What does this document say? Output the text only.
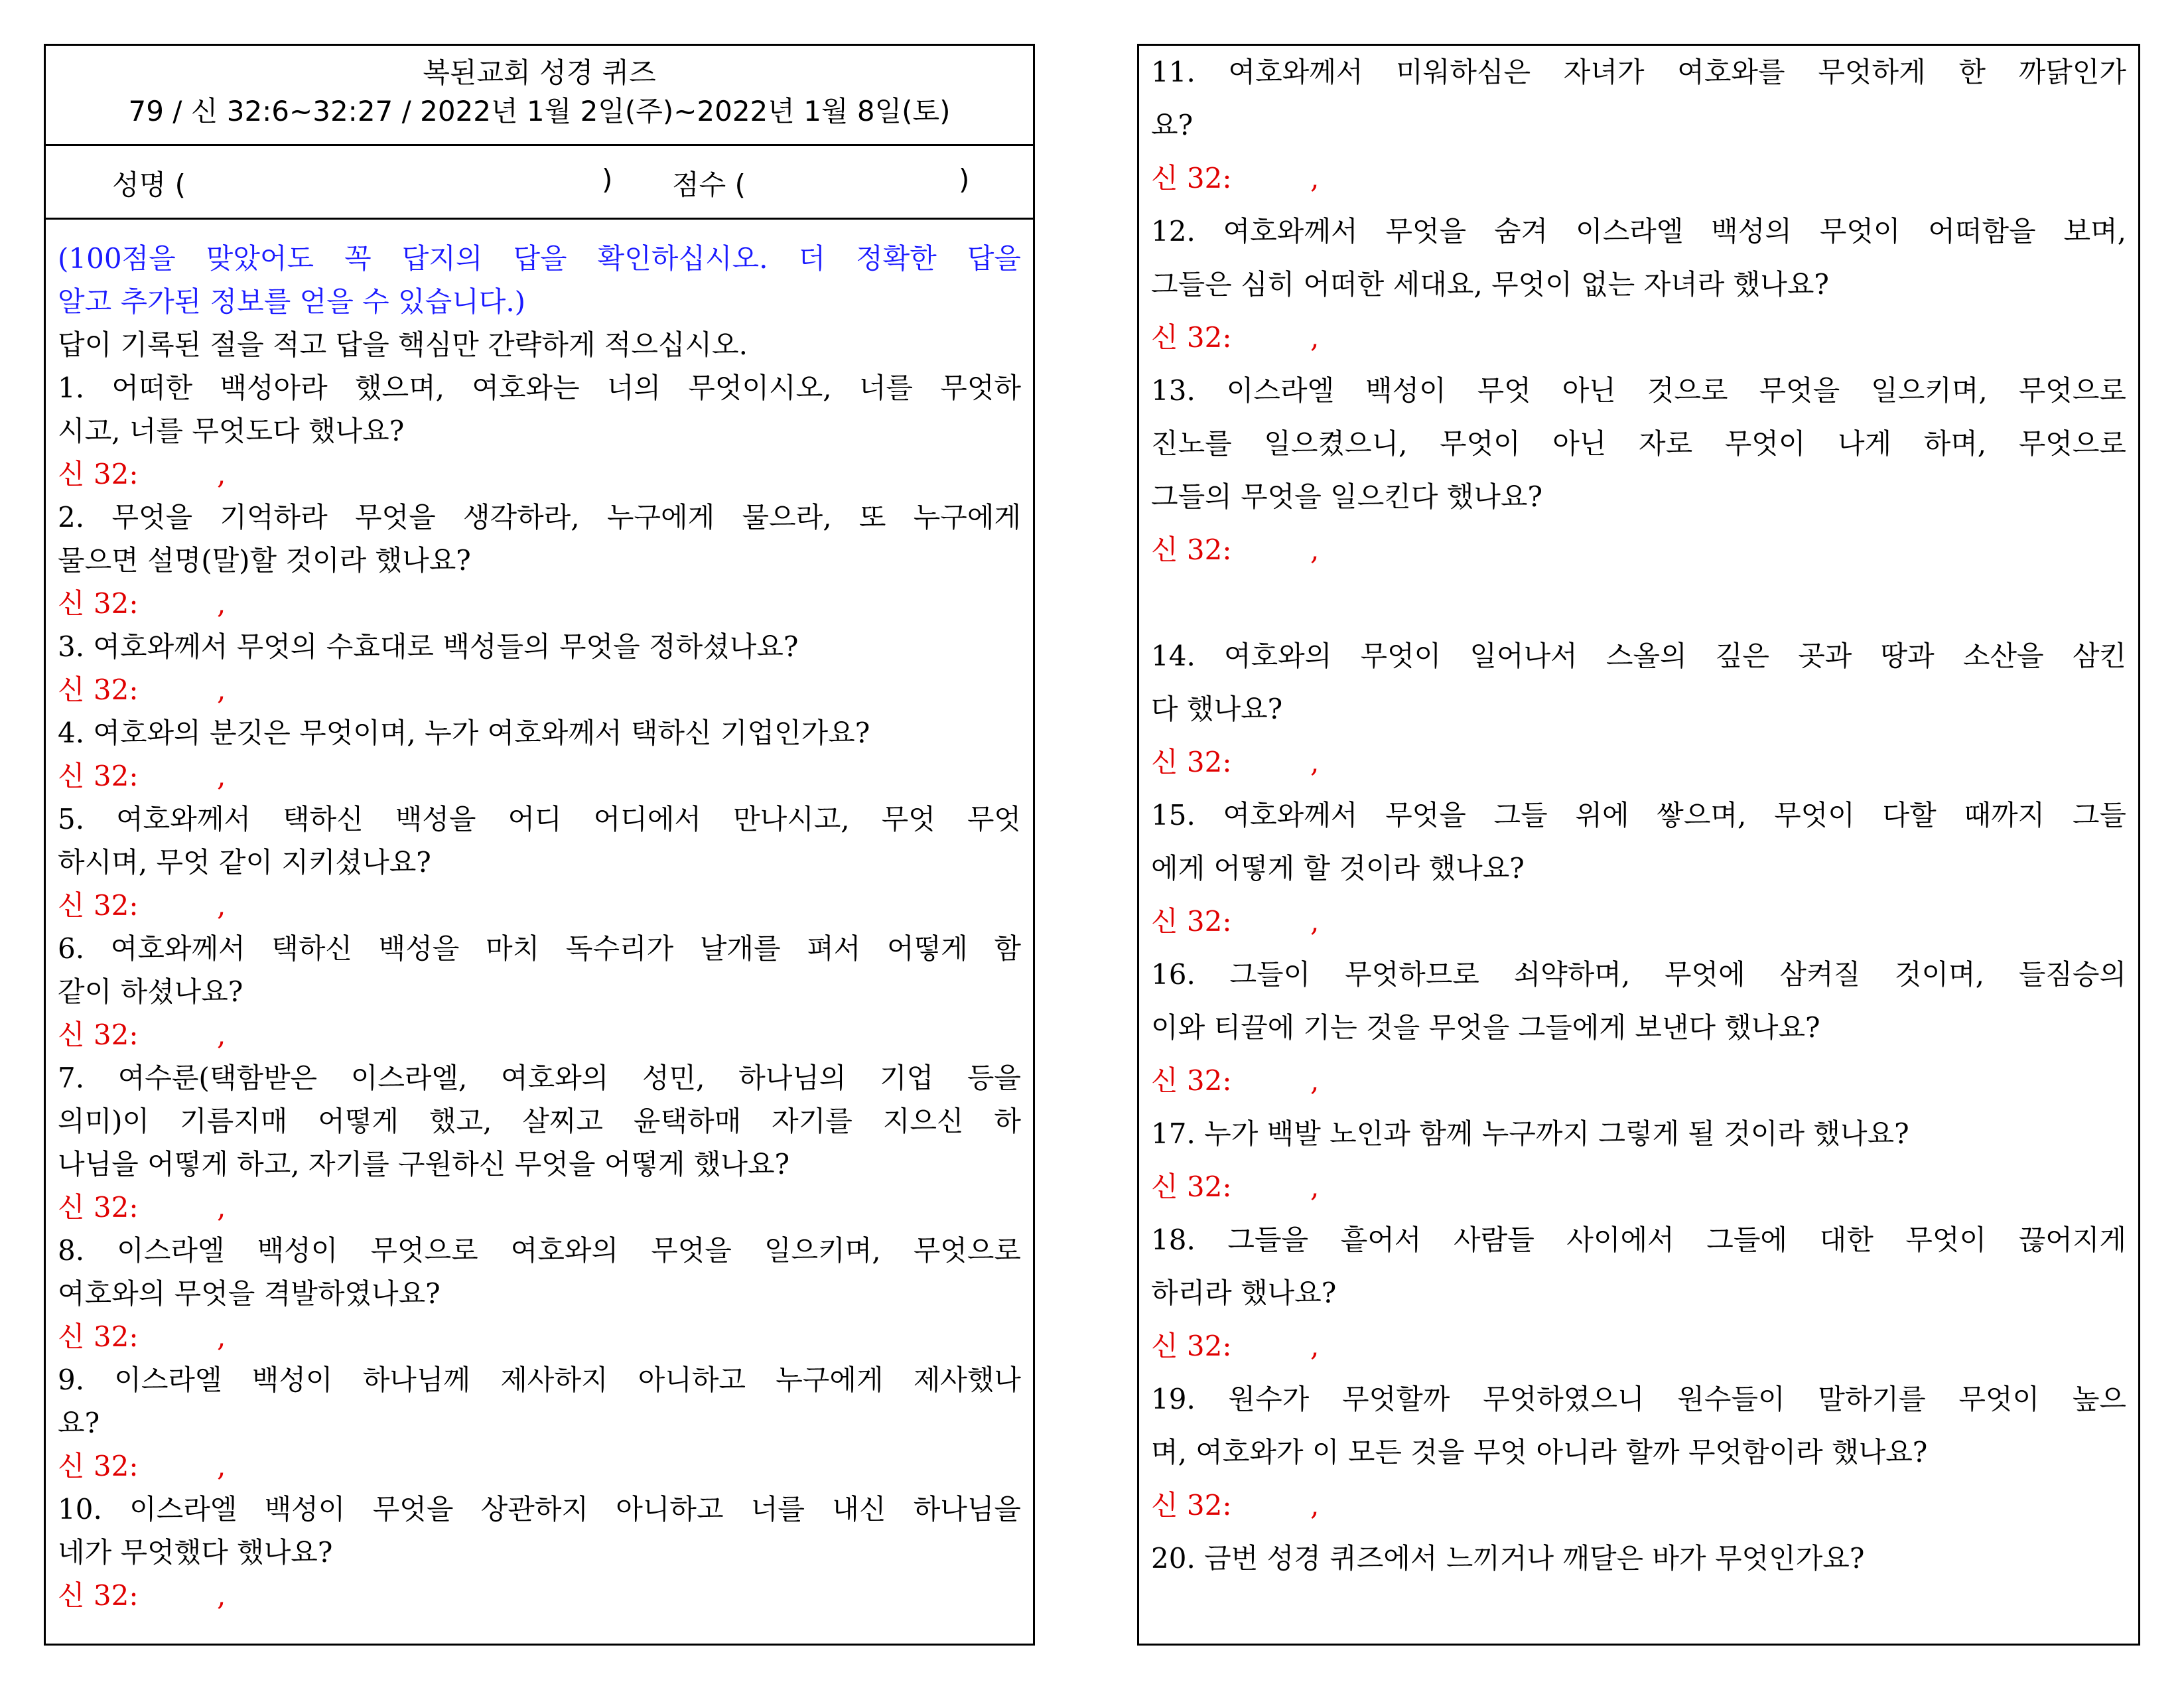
복된교회 성경 퀴즈
79 / 신 32:6~32:27 / 2022년 1월 2일(주)~2022년 1월 8일(토)
성명 (	) 점수 (	)
(100점을 맞았어도 꼭 답지의 답을 확인하십시오. 더 정확한 답을
알고 추가된 정보를 얻을 수 있습니다.)
답이 기록된 절을 적고 답을 핵심만 간략하게 적으십시오.
1. 어떠한 백성아라 했으며, 여호와는 너의 무엇이시오, 너를 무엇하
시고, 너를 무엇도다 했나요?
신 32:	,
2. 무엇을 기억하라 무엇을 생각하라, 누구에게 물으라, 또 누구에게
물으면 설명(말)할 것이라 했나요?
신 32:	,
3. 여호와께서 무엇의 수효대로 백성들의 무엇을 정하셨나요?
신 32:	,
4. 여호와의 분깃은 무엇이며, 누가 여호와께서 택하신 기업인가요?
신 32:	,
5. 여호와께서 택하신 백성을 어디 어디에서 만나시고, 무엇 무엇
하시며, 무엇 같이 지키셨나요?
신 32:	,
6. 여호와께서 택하신 백성을 마치 독수리가 날개를 펴서 어떻게 함
같이 하셨나요?
신 32:	,
7. 여수룬(택함받은 이스라엘, 여호와의 성민, 하나님의 기업 등을
의미)이 기름지매 어떻게 했고, 살찌고 윤택하매 자기를 지으신 하
나님을 어떻게 하고, 자기를 구원하신 무엇을 어떻게 했나요?
신 32:	,
8. 이스라엘 백성이 무엇으로 여호와의 무엇을 일으키며, 무엇으로
여호와의 무엇을 격발하였나요?
신 32:	,
9. 이스라엘 백성이 하나님께 제사하지 아니하고 누구에게 제사했나
요?
신 32:	,
10. 이스라엘 백성이 무엇을 상관하지 아니하고 너를 내신 하나님을
네가 무엇했다 했나요?
신 32:	,
11. 여호와께서 미워하심은 자녀가 여호와를 무엇하게 한 까닭인가
요?
신 32:	,
12. 여호와께서 무엇을 숨겨 이스라엘 백성의 무엇이 어떠함을 보며,
그들은 심히 어떠한 세대요, 무엇이 없는 자녀라 했나요?
신 32:	,
13. 이스라엘 백성이 무엇 아닌 것으로 무엇을 일으키며, 무엇으로
진노를 일으켰으니, 무엇이 아닌 자로 무엇이 나게 하며, 무엇으로
그들의 무엇을 일으킨다 했나요?
신 32:	,
14. 여호와의 무엇이 일어나서 스올의 깊은 곳과 땅과 소산을 삼킨
다 했나요?
신 32:	,
15. 여호와께서 무엇을 그들 위에 쌓으며, 무엇이 다할 때까지 그들
에게 어떻게 할 것이라 했나요?
신 32:	,
16. 그들이 무엇하므로 쇠약하며, 무엇에 삼켜질 것이며, 들짐승의
이와 티끌에 기는 것을 무엇을 그들에게 보낸다 했나요?
신 32:	,
17. 누가 백발 노인과 함께 누구까지 그렇게 될 것이라 했나요?
신 32:	,
18. 그들을 흩어서 사람들 사이에서 그들에 대한 무엇이 끊어지게
하리라 했나요?
신 32:	,
19. 원수가 무엇할까 무엇하였으니 원수들이 말하기를 무엇이 높으
며, 여호와가 이 모든 것을 무엇 아니라 할까 무엇함이라 했나요?
신 32:	,
20. 금번 성경 퀴즈에서 느끼거나 깨달은 바가 무엇인가요?
